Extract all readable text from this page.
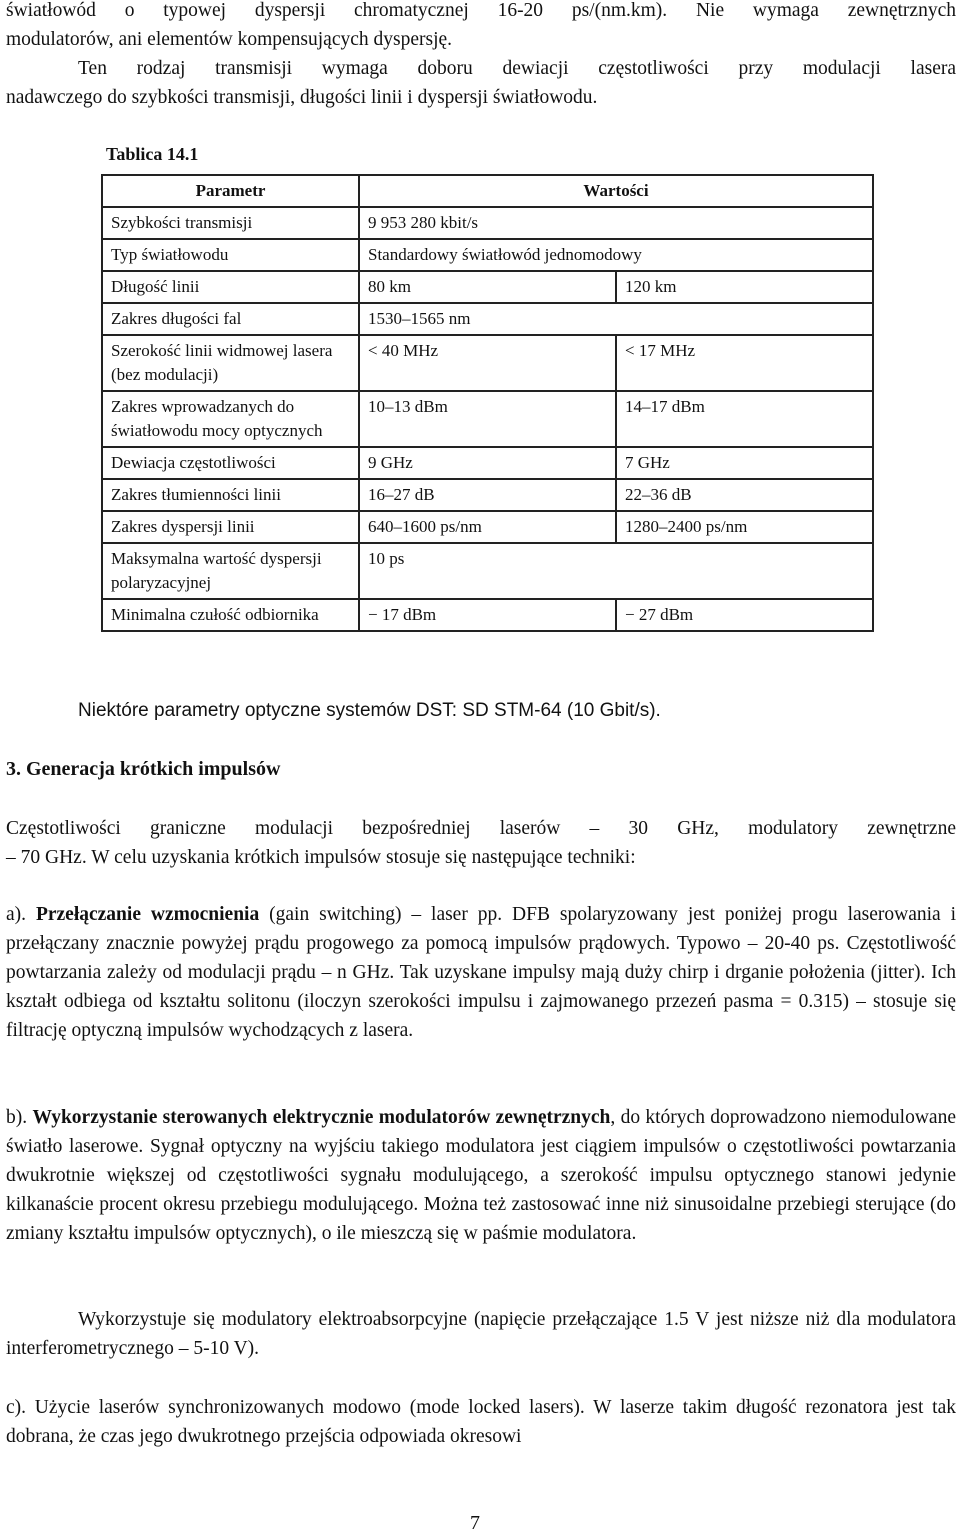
światłowód o typowej dyspersji chromatycznej 16-20 ps/(nm.km). Nie wymaga zewnętrznych

modulatorów, ani elementów kompensujących dyspersję.

Ten rodzaj transmisji wymaga doboru dewiacji częstotliwości przy modulacji lasera

nadawczego do szybkości transmisji, długości linii i dyspersji światłowodu.

Tablica 14.1
Parametr	Wartości	
Szybkości transmisji	9 953 280 kbit/s	
Typ światłowodu	Standardowy światłowód jednomodowy	
Długość linii	80 km	120 km
Zakres długości fal	1530–1565 nm	
Szerokość linii widmowej lasera (bez modulacji)	< 40 MHz	< 17 MHz
Zakres wprowadzanych do światłowodu mocy optycznych	10–13 dBm	14–17 dBm
Dewiacja częstotliwości	9 GHz	7 GHz
Zakres tłumienności linii	16–27 dB	22–36 dB
Zakres dyspersji linii	640–1600 ps/nm	1280–2400 ps/nm
Maksymalna wartość dyspersji polaryzacyjnej	10 ps	
Minimalna czułość odbiornika	− 17 dBm	− 27 dBm
Niektóre parametry optyczne systemów DST: SD STM-64 (10 Gbit/s).
3. Generacja krótkich impulsów

Częstotliwości graniczne modulacji bezpośredniej laserów – 30 GHz, modulatory zewnętrzne

– 70 GHz. W celu uzyskania krótkich impulsów stosuje się następujące techniki:

a). Przełączanie wzmocnienia (gain switching) – laser pp. DFB spolaryzowany jest poniżej progu laserowania i przełączany znacznie powyżej prądu progowego za pomocą impulsów prądowych. Typowo – 20-40 ps. Częstotliwość powtarzania zależy od modulacji prądu – n GHz. Tak uzyskane impulsy mają duży chirp i drganie położenia (jitter). Ich kształt odbiega od kształtu solitonu (iloczyn szerokości impulsu i zajmowanego przezeń pasma = 0.315) – stosuje się filtrację optyczną impulsów wychodzących z lasera.

b). Wykorzystanie sterowanych elektrycznie modulatorów zewnętrznych, do których doprowadzono niemodulowane światło laserowe. Sygnał optyczny na wyjściu takiego modulatora jest ciągiem impulsów o częstotliwości powtarzania dwukrotnie większej od częstotliwości sygnału modulującego, a szerokość impulsu optycznego stanowi jedynie kilkanaście procent okresu przebiegu modulującego. Można też zastosować inne niż sinusoidalne przebiegi sterujące (do zmiany kształtu impulsów optycznych), o ile mieszczą się w paśmie modulatora.

Wykorzystuje się modulatory elektroabsorpcyjne (napięcie przełączające 1.5 V jest niższe niż dla modulatora interferometrycznego – 5-10 V).

c). Użycie laserów synchronizowanych modowo (mode locked lasers). W laserze takim długość rezonatora jest tak dobrana, że czas jego dwukrotnego przejścia odpowiada okresowi

7
